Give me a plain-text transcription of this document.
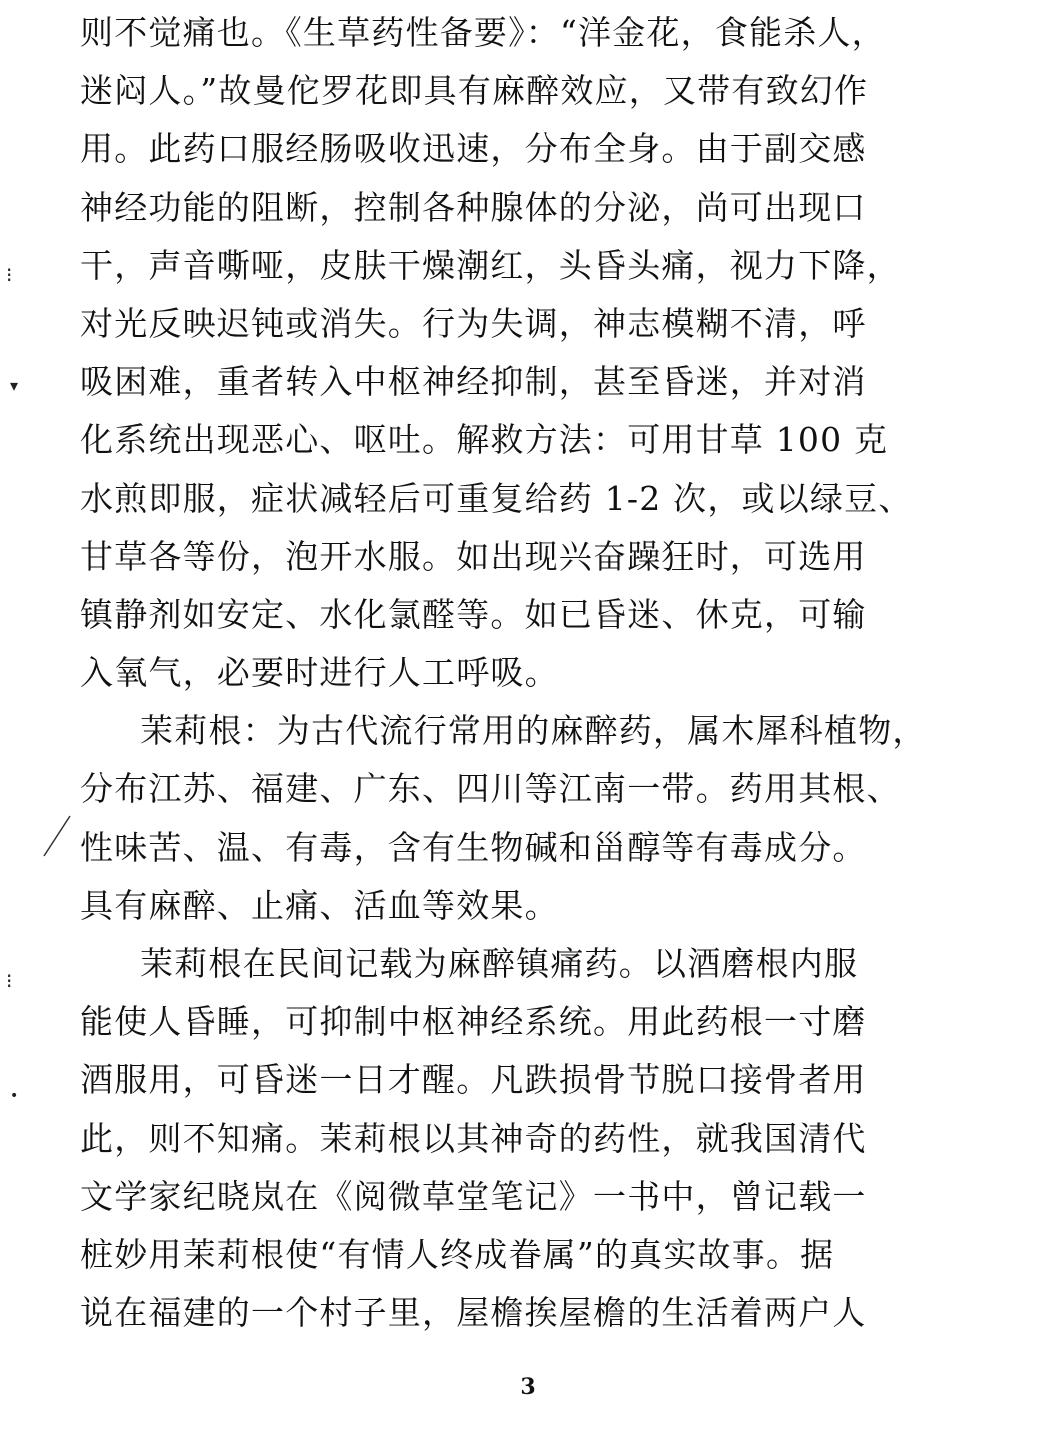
则不觉痛也。《生草药性备要》：“洋金花，食能杀人，
迷闷人。”故曼佗罗花即具有麻醉效应，又带有致幻作
用。此药口服经肠吸收迅速，分布全身。由于副交感
神经功能的阻断，控制各种腺体的分泌，尚可出现口
干，声音嘶哑，皮肤干燥潮红，头昏头痛，视力下降，
对光反映迟钝或消失。行为失调，神志模糊不清，呼
吸困难，重者转入中枢神经抑制，甚至昏迷，并对消
化系统出现恶心、呕吐。解救方法：可用甘草 100 克
水煎即服，症状减轻后可重复给药 1-2 次，或以绿豆、
甘草各等份，泡开水服。如出现兴奋躁狂时，可选用
镇静剂如安定、水化氯醛等。如已昏迷、休克，可输
入氧气，必要时进行人工呼吸。
茉莉根：为古代流行常用的麻醉药，属木犀科植物，
分布江苏、福建、广东、四川等江南一带。药用其根、
性味苦、温、有毒，含有生物碱和甾醇等有毒成分。
具有麻醉、止痛、活血等效果。
茉莉根在民间记载为麻醉镇痛药。以酒磨根内服
能使人昏睡，可抑制中枢神经系统。用此药根一寸磨
酒服用，可昏迷一日才醒。凡跌损骨节脱口接骨者用
此，则不知痛。茉莉根以其神奇的药性，就我国清代
文学家纪晓岚在《阅微草堂笔记》一书中，曾记载一
桩妙用茉莉根使“有情人终成眷属”的真实故事。据
说在福建的一个村子里，屋檐挨屋檐的生活着两户人
⁝
▾
⁝
•
3
